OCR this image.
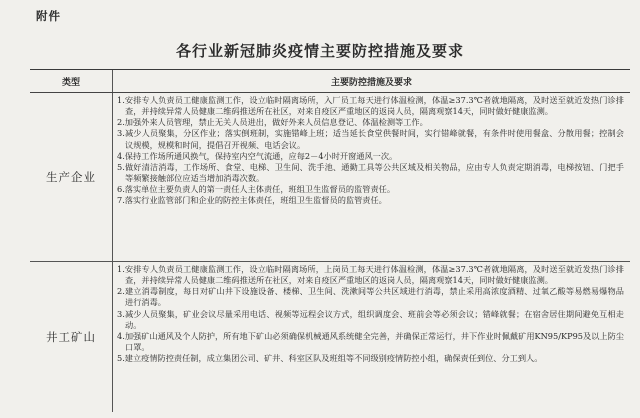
附件
各行业新冠肺炎疫情主要防控措施及要求
类型	主要防控措施及要求
生产企业
1.安排专人负责员工健康监测工作，设立临时隔离场所，入厂员工每天进行体温检测，体温≥37.3℃者就地隔离，及时送至就近发热门诊排查，并持续异常人员健康二维码推送所在社区，对来自疫区严重地区的返岗人员，隔离观察14天，同时做好健康监测。
2.加强外来人员管理，禁止无关人员进出，做好外来人员信息登记、体温检测等工作。
3.减少人员聚集，分区作业；落实倒班制，实施错峰上班；适当延长食堂供餐时间，实行错峰就餐，有条件时使用餐盒、分散用餐；控制会议规模，规模和时间，提倡召开视频、电话会议。
4.保持工作场所通风换气，保持室内空气流通，应每2－4小时开窗通风一次。
5.做好清洁消毒，工作场所、食堂、电梯、卫生间、洗手池、通勤工具等公共区域及相关物品，应由专人负责定期消毒，电梯按钮、门把手等频繁接触部位应适当增加消毒次数。
6.落实单位主要负责人的第一责任人主体责任，班组卫生监督员的监管责任。
7.落实行业监管部门和企业的防控主体责任，班组卫生监督员的监管责任。
井工矿山
1.安排专人负责员工健康监测工作，设立临时隔离场所，上岗员工每天进行体温检测，体温≥37.3℃者就地隔离，及时送至就近发热门诊排查，并持续异常人员健康二维码推送所在社区，对来自疫区严重地区的返岗人员，隔离观察14天，同时做好健康监测。
2.建立消毒制度，每日对矿山井下设施设备、楼梯、卫生间、洗漱间等公共区域进行消毒，禁止采用高浓度酒精、过氧乙酸等易燃易爆物品进行消毒。
3.减少人员聚集，矿业会议尽量采用电话、视频等远程会议方式，组织调度会、班前会等必须会议；错峰就餐；在宿舍居住期间避免互相走动。
4.加强矿山通风及个人防护，所有地下矿山必须确保机械通风系统健全完善，并确保正常运行，井下作业时佩戴矿用KN95/KP95及以上防尘口罩。
5.建立疫情防控责任制，成立集团公司、矿井、科室区队及班组等不同级别疫情防控小组，确保责任到位、分工到人。
